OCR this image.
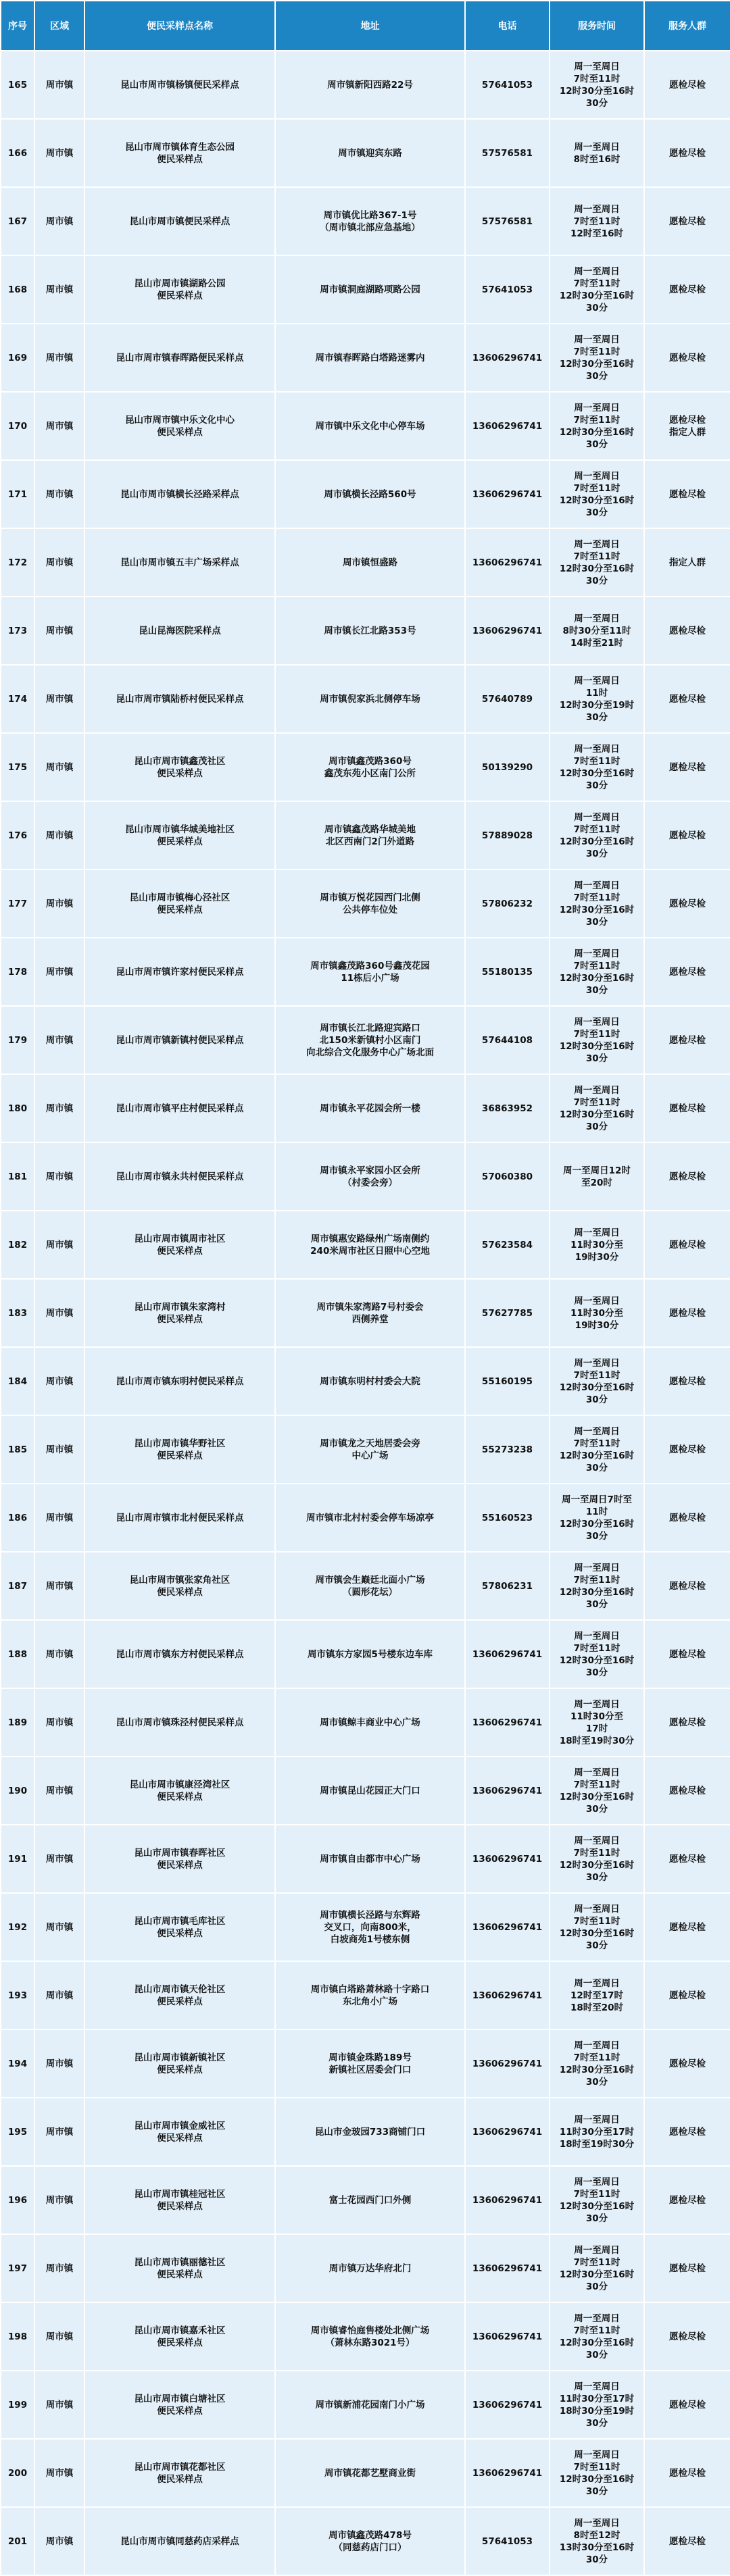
序号	区域	便民采样点名称	地址	电话	服务时间	服务人群
165	周市镇	昆山市周市镇杨镇便民采样点	周市镇新阳西路22号	57641053	周一至周日
7时至11时
12时30分至16时
30分	愿检尽检
166	周市镇	昆山市周市镇体育生态公园
便民采样点	周市镇迎宾东路	57576581	周一至周日
8时至16时	愿检尽检
167	周市镇	昆山市周市镇便民采样点	周市镇优比路367-1号
（周市镇北部应急基地）	57576581	周一至周日
7时至11时
12时至16时	愿检尽检
168	周市镇	昆山市周市镇湖路公园
便民采样点	周市镇洞庭湖路项路公园	57641053	周一至周日
7时至11时
12时30分至16时
30分	愿检尽检
169	周市镇	昆山市周市镇春晖路便民采样点	周市镇春晖路白塔路迷雾内	13606296741	周一至周日
7时至11时
12时30分至16时
30分	愿检尽检
170	周市镇	昆山市周市镇中乐文化中心
便民采样点	周市镇中乐文化中心停车场	13606296741	周一至周日
7时至11时
12时30分至16时
30分	愿检尽检
指定人群
171	周市镇	昆山市周市镇横长泾路采样点	周市镇横长泾路560号	13606296741	周一至周日
7时至11时
12时30分至16时
30分	愿检尽检
172	周市镇	昆山市周市镇五丰广场采样点	周市镇恒盛路	13606296741	周一至周日
7时至11时
12时30分至16时
30分	指定人群
173	周市镇	昆山昆海医院采样点	周市镇长江北路353号	13606296741	周一至周日
8时30分至11时
14时至21时	愿检尽检
174	周市镇	昆山市周市镇陆桥村便民采样点	周市镇倪家浜北侧停车场	57640789	周一至周日
11时
12时30分至19时30分	愿检尽检
175	周市镇	昆山市周市镇鑫茂社区
便民采样点	周市镇鑫茂路360号
鑫茂东苑小区南门公所	50139290	周一至周日
7时至11时
12时30分至16时
30分	愿检尽检
176	周市镇	昆山市周市镇华城美地社区
便民采样点	周市镇鑫茂路华城美地
北区西南门2门外道路	57889028	周一至周日
7时至11时
12时30分至16时
30分	愿检尽检
177	周市镇	昆山市周市镇梅心泾社区
便民采样点	周市镇万悦花园西门北侧
公共停车位处	57806232	周一至周日
7时至11时
12时30分至16时
30分	愿检尽检
178	周市镇	昆山市周市镇许家村便民采样点	周市镇鑫茂路360号鑫茂花园
11栋后小广场	55180135	周一至周日
7时至11时
12时30分至16时
30分	愿检尽检
179	周市镇	昆山市周市镇新镇村便民采样点	周市镇长江北路迎宾路口
北150米新镇村小区南门
向北综合文化服务中心广场北面	57644108	周一至周日
7时至11时
12时30分至16时
30分	愿检尽检
180	周市镇	昆山市周市镇平庄村便民采样点	周市镇永平花园会所一楼	36863952	周一至周日
7时至11时
12时30分至16时
30分	愿检尽检
181	周市镇	昆山市周市镇永共村便民采样点	周市镇永平家园小区会所
（村委会旁）	57060380	周一至周日12时
至20时	愿检尽检
182	周市镇	昆山市周市镇周市社区
便民采样点	周市镇惠安路绿州广场南侧约
240米周市社区日照中心空地	57623584	周一至周日
11时30分至
19时30分	愿检尽检
183	周市镇	昆山市周市镇朱家湾村
便民采样点	周市镇朱家湾路7号村委会
西侧养堂	57627785	周一至周日
11时30分至
19时30分	愿检尽检
184	周市镇	昆山市周市镇东明村便民采样点	周市镇东明村村委会大院	55160195	周一至周日
7时至11时
12时30分至16时
30分	愿检尽检
185	周市镇	昆山市周市镇华野社区
便民采样点	周市镇龙之天地居委会旁
中心广场	55273238	周一至周日
7时至11时
12时30分至16时
30分	愿检尽检
186	周市镇	昆山市周市镇市北村便民采样点	周市镇市北村村委会停车场凉亭	55160523	周一至周日7时至
11时
12时30分至16时
30分	愿检尽检
187	周市镇	昆山市周市镇张家角社区
便民采样点	周市镇会生巅廷北面小广场
（圆形花坛）	57806231	周一至周日
7时至11时
12时30分至16时
30分	愿检尽检
188	周市镇	昆山市周市镇东方村便民采样点	周市镇东方家园5号楼东边车库	13606296741	周一至周日
7时至11时
12时30分至16时
30分	愿检尽检
189	周市镇	昆山市周市镇珠泾村便民采样点	周市镇鲸丰商业中心广场	13606296741	周一至周日
11时30分至
17时
18时至19时30分	愿检尽检
190	周市镇	昆山市周市镇康泾湾社区
便民采样点	周市镇昆山花园正大门口	13606296741	周一至周日
7时至11时
12时30分至16时
30分	愿检尽检
191	周市镇	昆山市周市镇春晖社区
便民采样点	周市镇自由都市中心广场	13606296741	周一至周日
7时至11时
12时30分至16时
30分	愿检尽检
192	周市镇	昆山市周市镇毛库社区
便民采样点	周市镇横长泾路与东辉路
交叉口，向南800米，
白坡商苑1号楼东侧	13606296741	周一至周日
7时至11时
12时30分至16时
30分	愿检尽检
193	周市镇	昆山市周市镇天伦社区
便民采样点	周市镇白塔路萧林路十字路口
东北角小广场	13606296741	周一至周日
12时至17时
18时至20时	愿检尽检
194	周市镇	昆山市周市镇新镇社区
便民采样点	周市镇金珠路189号
新镇社区居委会门口	13606296741	周一至周日
7时至11时
12时30分至16时
30分	愿检尽检
195	周市镇	昆山市周市镇金威社区
便民采样点	昆山市金玻园733商铺门口	13606296741	周一至周日
11时30分至17时
18时至19时30分	愿检尽检
196	周市镇	昆山市周市镇桂冠社区
便民采样点	富士花园西门口外侧	13606296741	周一至周日
7时至11时
12时30分至16时
30分	愿检尽检
197	周市镇	昆山市周市镇丽德社区
便民采样点	周市镇万达华府北门	13606296741	周一至周日
7时至11时
12时30分至16时
30分	愿检尽检
198	周市镇	昆山市周市镇嘉禾社区
便民采样点	周市镇睿怡庭售楼处北侧广场
（萧林东路3021号）	13606296741	周一至周日
7时至11时
12时30分至16时
30分	愿检尽检
199	周市镇	昆山市周市镇白塘社区
便民采样点	周市镇新浦花园南门小广场	13606296741	周一至周日
11时30分至17时
18时30分至19时
30分	愿检尽检
200	周市镇	昆山市周市镇花都社区
便民采样点	周市镇花都艺墅商业街	13606296741	周一至周日
7时至11时
12时30分至16时
30分	愿检尽检
201	周市镇	昆山市周市镇同慈药店采样点	周市镇鑫茂路478号
（同慈药店门口）	57641053	周一至周日
8时至12时
13时30分至16时
30分	愿检尽检
